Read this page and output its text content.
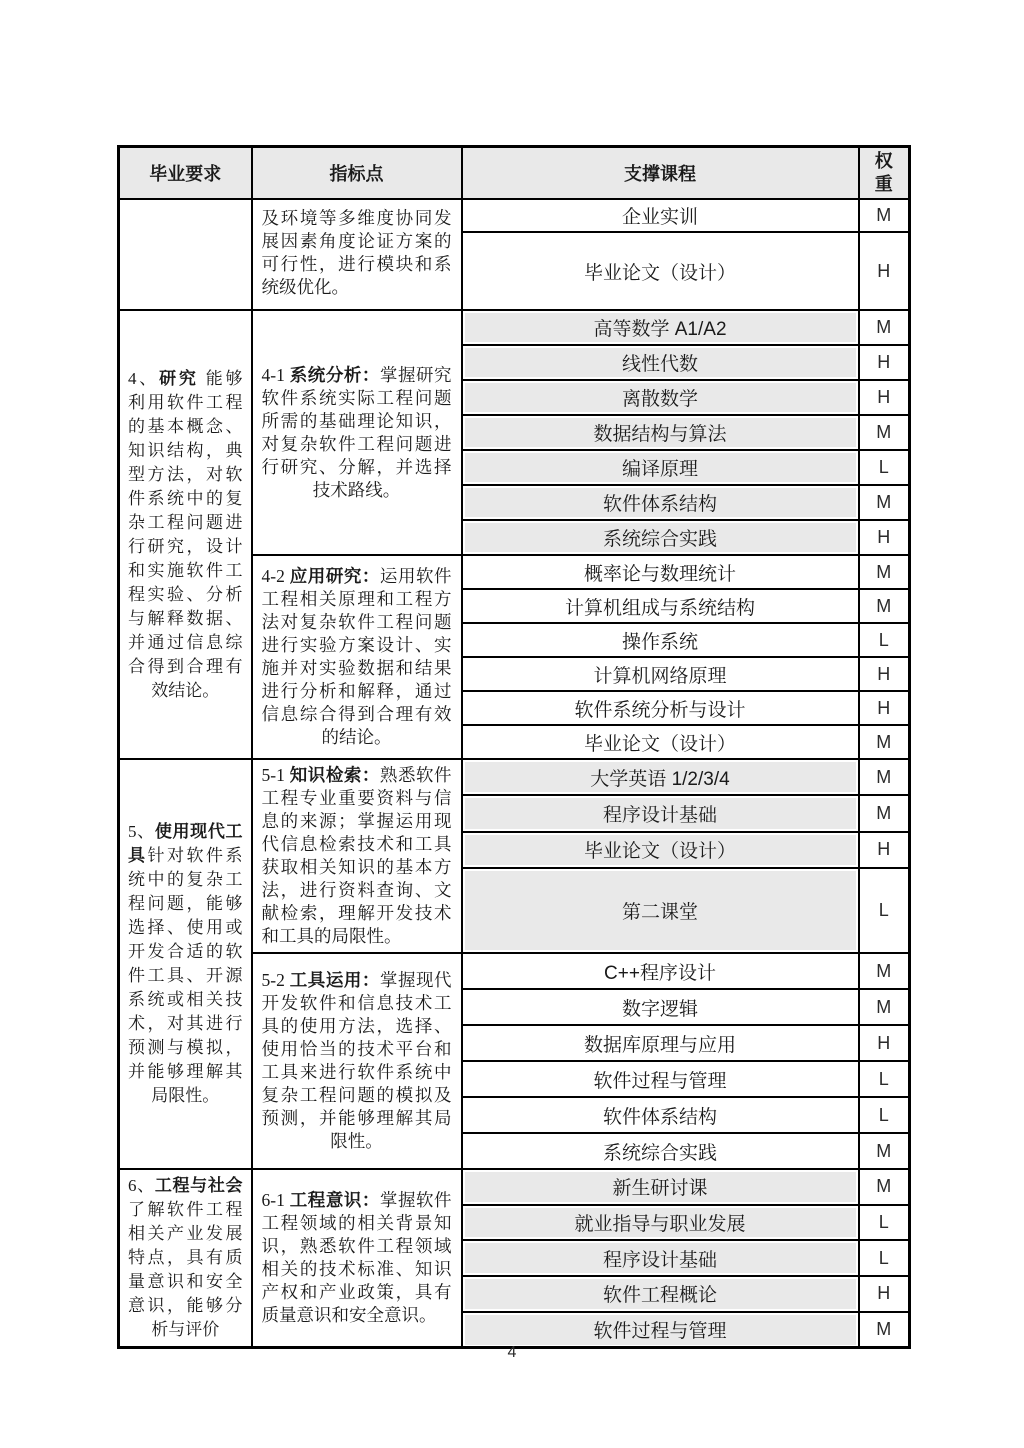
毕业要求	指标点	支撑课程	权重
	及环境等多维度协同发展因素角度论证方案的可行性，进行模块和系统级优化。	企业实训	M
		毕业论文（设计）	H
4、研究 能够利用软件工程的基本概念、知识结构，典型方法，对软件系统中的复杂工程问题进行研究，设计和实施软件工程实验、分析与解释数据、并通过信息综合得到合理有效结论。	4-1 系统分析：掌握研究软件系统实际工程问题所需的基础理论知识，对复杂软件工程问题进行研究、分解，并选择技术路线。	高等数学 A1/A2	M
		线性代数	H
		离散数学	H
		数据结构与算法	M
		编译原理	L
		软件体系结构	M
		系统综合实践	H
	4-2 应用研究：运用软件工程相关原理和工程方法对复杂软件工程问题进行实验方案设计、实施并对实验数据和结果进行分析和解释，通过信息综合得到合理有效的结论。	概率论与数理统计	M
		计算机组成与系统结构	M
		操作系统	L
		计算机网络原理	H
		软件系统分析与设计	H
		毕业论文（设计）	M
5、使用现代工具针对软件系统中的复杂工程问题，能够选择、使用或开发合适的软件工具、开源系统或相关技术，对其进行预测与模拟，并能够理解其局限性。	5-1 知识检索：熟悉软件工程专业重要资料与信息的来源；掌握运用现代信息检索技术和工具获取相关知识的基本方法，进行资料查询、文献检索，理解开发技术和工具的局限性。	大学英语 1/2/3/4	M
		程序设计基础	M
		毕业论文（设计）	H
		第二课堂	L
	5-2 工具运用：掌握现代开发软件和信息技术工具的使用方法，选择、使用恰当的技术平台和工具来进行软件系统中复杂工程问题的模拟及预测，并能够理解其局限性。	C++程序设计	M
		数字逻辑	M
		数据库原理与应用	H
		软件过程与管理	L
		软件体系结构	L
		系统综合实践	M
6、工程与社会 了解软件工程相关产业发展特点，具有质量意识和安全意识，能够分析与评价	6-1 工程意识：掌握软件工程领域的相关背景知识，熟悉软件工程领域相关的技术标准、知识产权和产业政策，具有质量意识和安全意识。	新生研讨课	M
		就业指导与职业发展	L
		程序设计基础	L
		软件工程概论	H
		软件过程与管理	M
4
